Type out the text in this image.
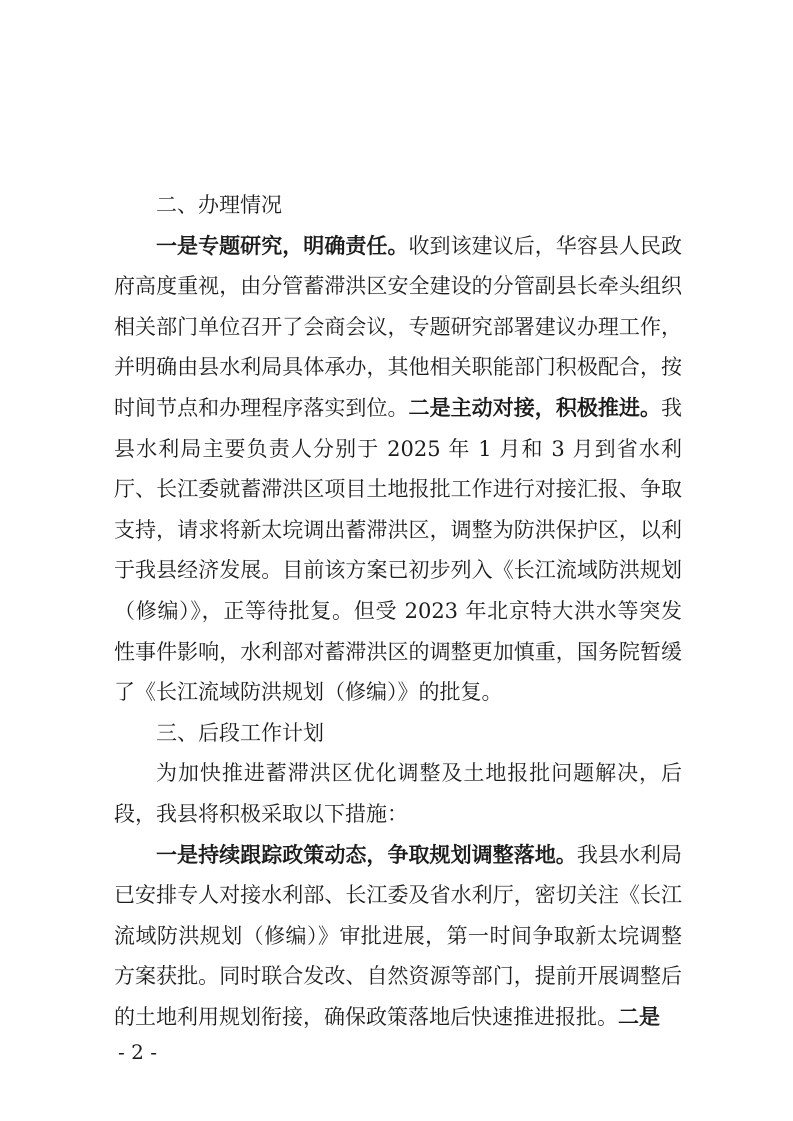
二、办理情况

一是专题研究，明确责任。收到该建议后，华容县人民政府高度重视，由分管蓄滞洪区安全建设的分管副县长牵头组织相关部门单位召开了会商会议，专题研究部署建议办理工作，并明确由县水利局具体承办，其他相关职能部门积极配合，按时间节点和办理程序落实到位。二是主动对接，积极推进。我县水利局主要负责人分别于 2025 年 1 月和 3 月到省水利厅、长江委就蓄滞洪区项目土地报批工作进行对接汇报、争取支持，请求将新太垸调出蓄滞洪区，调整为防洪保护区，以利于我县经济发展。目前该方案已初步列入《长江流域防洪规划（修编）》，正等待批复。但受 2023 年北京特大洪水等突发性事件影响，水利部对蓄滞洪区的调整更加慎重，国务院暂缓了《长江流域防洪规划（修编）》的批复。

三、后段工作计划

为加快推进蓄滞洪区优化调整及土地报批问题解决，后段，我县将积极采取以下措施：

一是持续跟踪政策动态，争取规划调整落地。我县水利局已安排专人对接水利部、长江委及省水利厅，密切关注《长江流域防洪规划（修编）》审批进展，第一时间争取新太垸调整方案获批。同时联合发改、自然资源等部门，提前开展调整后的土地利用规划衔接，确保政策落地后快速推进报批。二是

- 2 -
